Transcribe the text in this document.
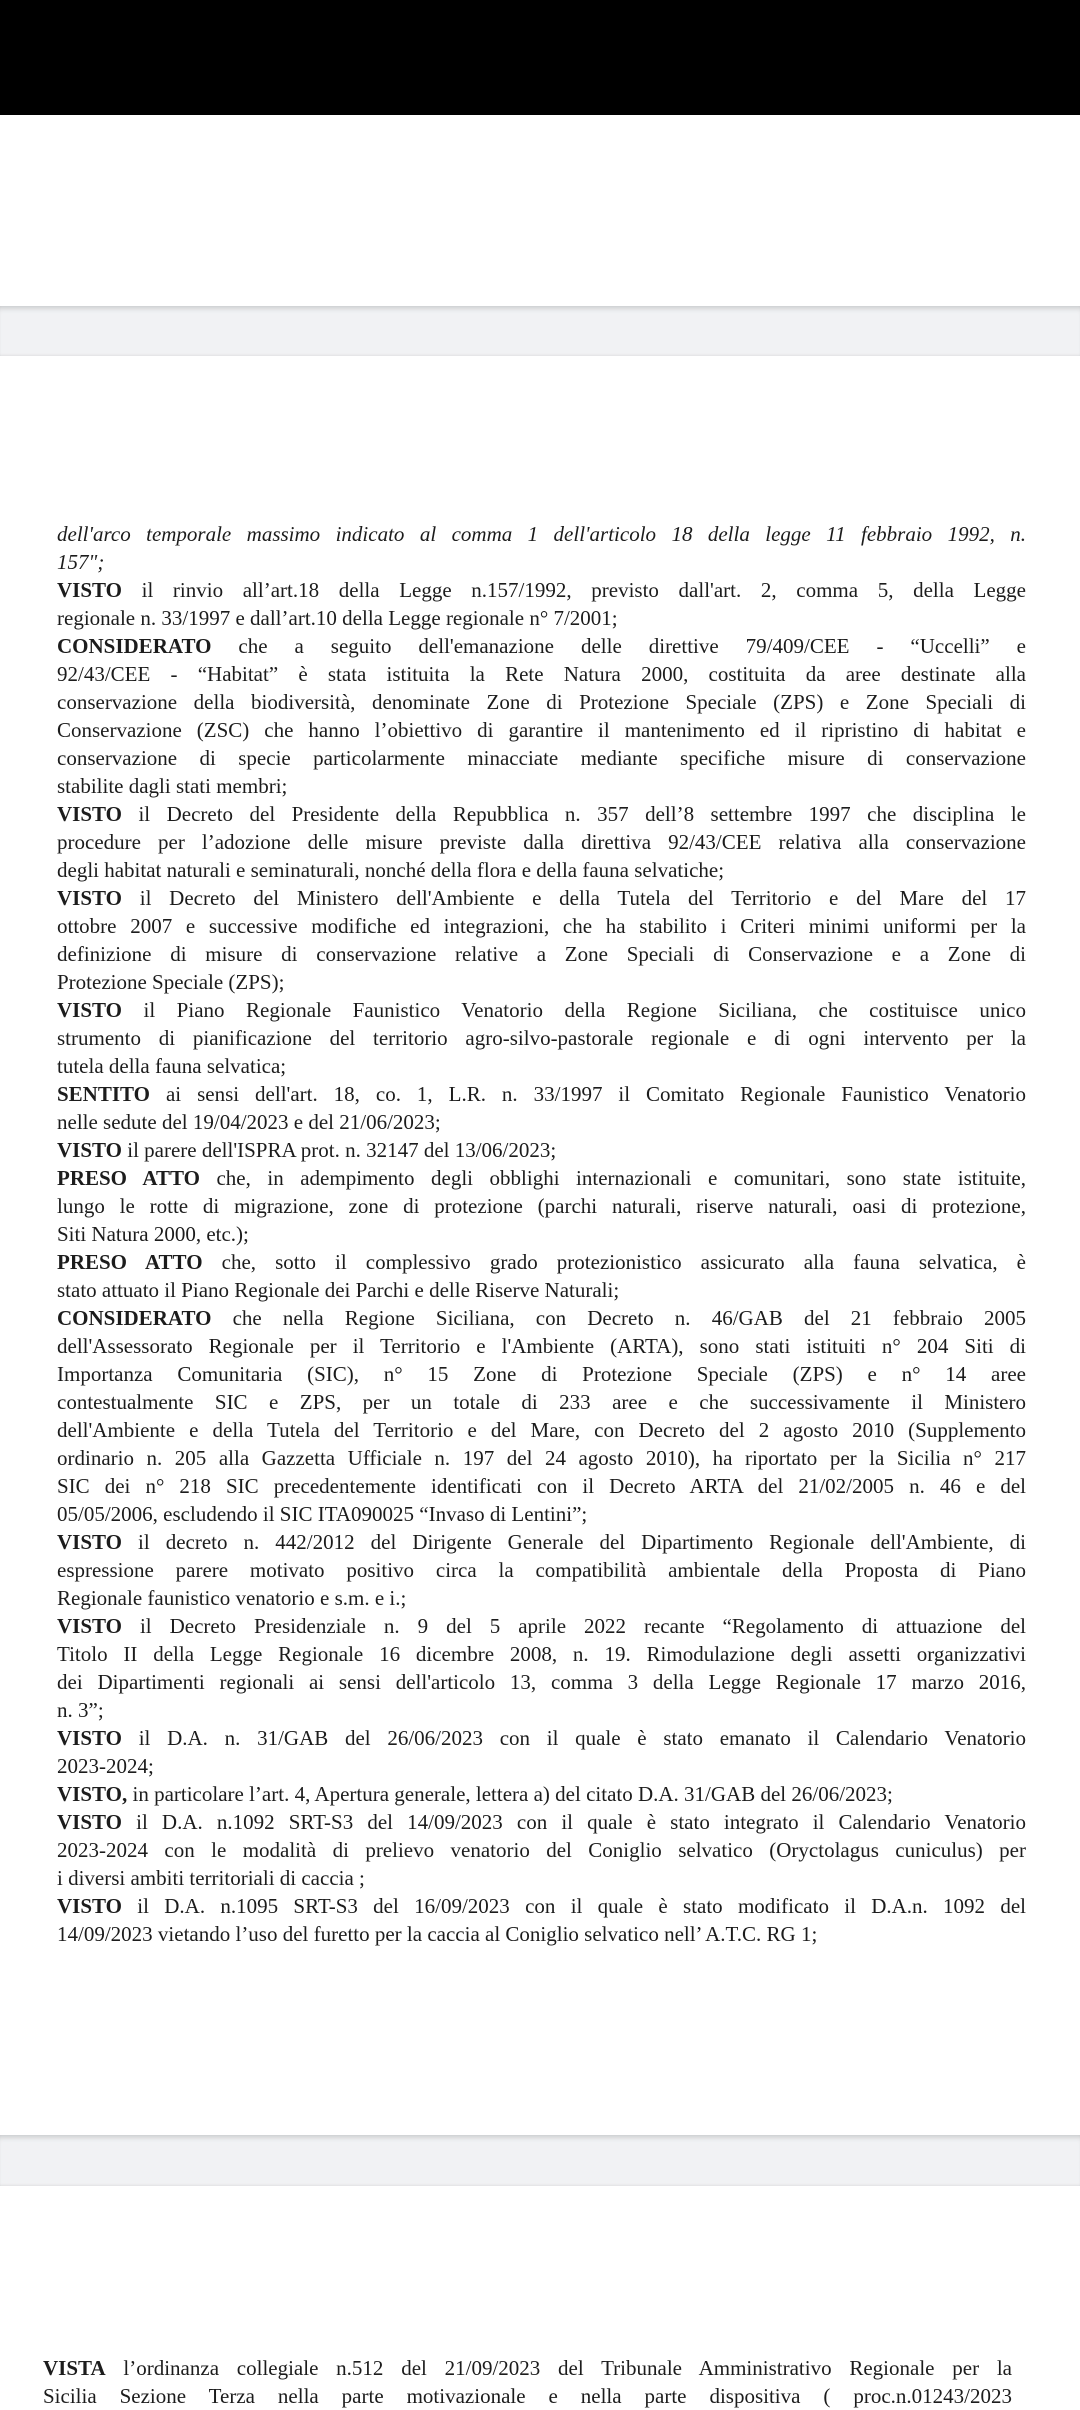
dell'arco temporale massimo indicato al comma 1 dell'articolo 18 della legge 11 febbraio 1992, n.
157";
VISTO il rinvio all’art.18 della Legge n.157/1992, previsto dall'art. 2, comma 5, della Legge
regionale n. 33/1997 e dall’art.10 della Legge regionale n° 7/2001;
CONSIDERATO che a seguito dell'emanazione delle direttive 79/409/CEE - “Uccelli” e
92/43/CEE - “Habitat” è stata istituita la Rete Natura 2000, costituita da aree destinate alla
conservazione della biodiversità, denominate Zone di Protezione Speciale (ZPS) e Zone Speciali di
Conservazione (ZSC) che hanno l’obiettivo di garantire il mantenimento ed il ripristino di habitat e
conservazione di specie particolarmente minacciate mediante specifiche misure di conservazione
stabilite dagli stati membri;
VISTO il Decreto del Presidente della Repubblica n. 357 dell’8 settembre 1997 che disciplina le
procedure per l’adozione delle misure previste dalla direttiva 92/43/CEE relativa alla conservazione
degli habitat naturali e seminaturali, nonché della flora e della fauna selvatiche;
VISTO il Decreto del Ministero dell'Ambiente e della Tutela del Territorio e del Mare del 17
ottobre 2007 e successive modifiche ed integrazioni, che ha stabilito i Criteri minimi uniformi per la
definizione di misure di conservazione relative a Zone Speciali di Conservazione e a Zone di
Protezione Speciale (ZPS);
VISTO il Piano Regionale Faunistico Venatorio della Regione Siciliana, che costituisce unico
strumento di pianificazione del territorio agro-silvo-pastorale regionale e di ogni intervento per la
tutela della fauna selvatica;
SENTITO ai sensi dell'art. 18, co. 1, L.R. n. 33/1997 il Comitato Regionale Faunistico Venatorio
nelle sedute del 19/04/2023 e del 21/06/2023;
VISTO il parere dell'ISPRA prot. n. 32147 del 13/06/2023;
PRESO ATTO che, in adempimento degli obblighi internazionali e comunitari, sono state istituite,
lungo le rotte di migrazione, zone di protezione (parchi naturali, riserve naturali, oasi di protezione,
Siti Natura 2000, etc.);
PRESO ATTO che, sotto il complessivo grado protezionistico assicurato alla fauna selvatica, è
stato attuato il Piano Regionale dei Parchi e delle Riserve Naturali;
CONSIDERATO che nella Regione Siciliana, con Decreto n. 46/GAB del 21 febbraio 2005
dell'Assessorato Regionale per il Territorio e l'Ambiente (ARTA), sono stati istituiti n° 204 Siti di
Importanza Comunitaria (SIC), n° 15 Zone di Protezione Speciale (ZPS) e n° 14 aree
contestualmente SIC e ZPS, per un totale di 233 aree e che successivamente il Ministero
dell'Ambiente e della Tutela del Territorio e del Mare, con Decreto del 2 agosto 2010 (Supplemento
ordinario n. 205 alla Gazzetta Ufficiale n. 197 del 24 agosto 2010), ha riportato per la Sicilia n° 217
SIC dei n° 218 SIC precedentemente identificati con il Decreto ARTA del 21/02/2005 n. 46 e del
05/05/2006, escludendo il SIC ITA090025 “Invaso di Lentini”;
VISTO il decreto n. 442/2012 del Dirigente Generale del Dipartimento Regionale dell'Ambiente, di
espressione parere motivato positivo circa la compatibilità ambientale della Proposta di Piano
Regionale faunistico venatorio e s.m. e i.;
VISTO il Decreto Presidenziale n. 9 del 5 aprile 2022 recante “Regolamento di attuazione del
Titolo II della Legge Regionale 16 dicembre 2008, n. 19. Rimodulazione degli assetti organizzativi
dei Dipartimenti regionali ai sensi dell'articolo 13, comma 3 della Legge Regionale 17 marzo 2016,
n. 3”;
VISTO il D.A. n. 31/GAB del 26/06/2023 con il quale è stato emanato il Calendario Venatorio
2023-2024;
VISTO, in particolare l’art. 4, Apertura generale, lettera a) del citato D.A. 31/GAB del 26/06/2023;
VISTO il D.A. n.1092 SRT-S3 del 14/09/2023 con il quale è stato integrato il Calendario Venatorio
2023-2024 con le modalità di prelievo venatorio del Coniglio selvatico (Oryctolagus cuniculus) per
i diversi ambiti territoriali di caccia ;
VISTO il D.A. n.1095 SRT-S3 del 16/09/2023 con il quale è stato modificato il D.A.n. 1092 del
14/09/2023 vietando l’uso del furetto per la caccia al Coniglio selvatico nell’ A.T.C. RG 1;
VISTA l’ordinanza collegiale n.512 del 21/09/2023 del Tribunale Amministrativo Regionale per la
Sicilia Sezione Terza nella parte motivazionale e nella parte dispositiva ( proc.n.01243/2023
